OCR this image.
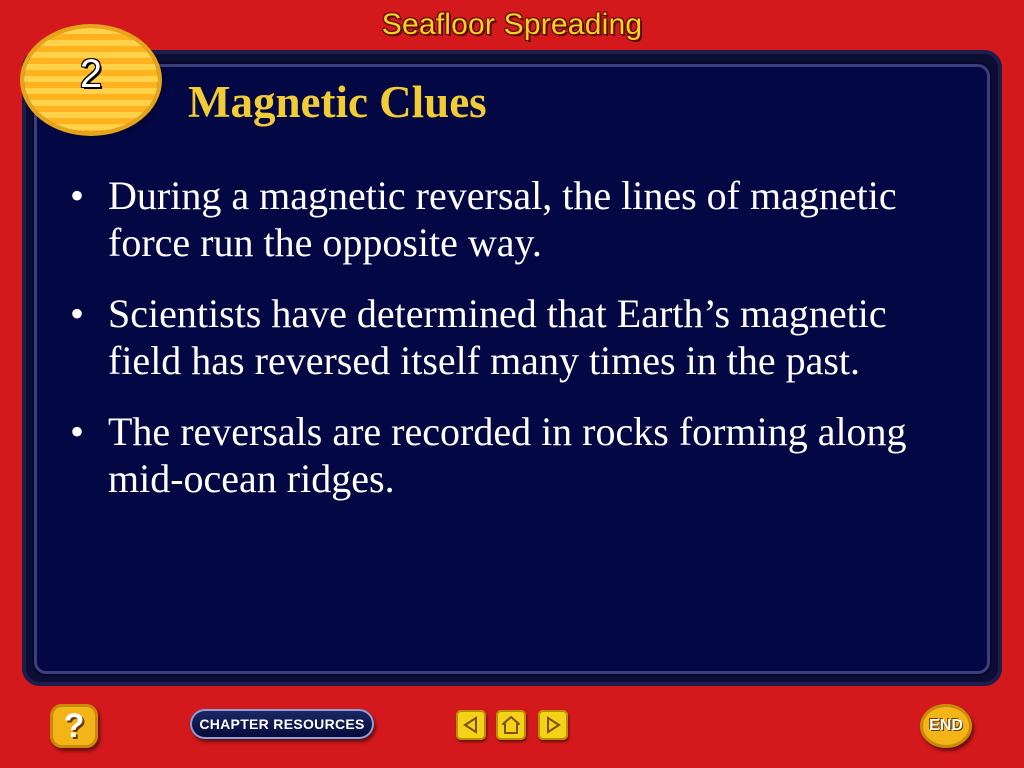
Seafloor Spreading
2
Magnetic Clues
• During a magnetic reversal, the lines of magnetic force run the opposite way.
• Scientists have determined that Earth’s magnetic field has reversed itself many times in the past.
• The reversals are recorded in rocks forming along mid-ocean ridges.
?	CHAPTER RESOURCES	END
